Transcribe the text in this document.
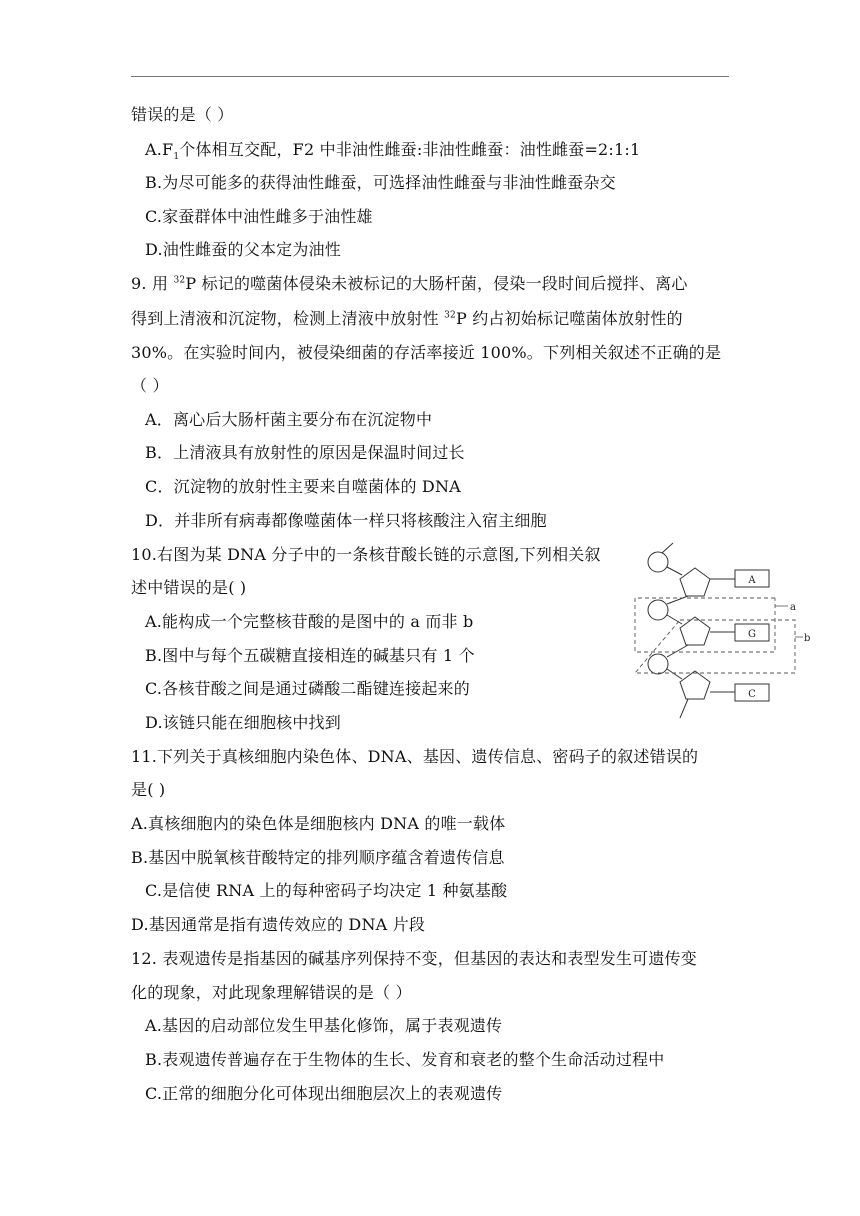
错误的是（ ）
$A.F_1$个体相互交配，F2 中非油性雌蚕:非油性雌蚕：油性雌蚕=2:1:1
B.为尽可能多的获得油性雌蚕，可选择油性雌蚕与非油性雌蚕杂交
C.家蚕群体中油性雌多于油性雄
D.油性雌蚕的父本定为油性
9. 用 $^{32}$P 标记的噬菌体侵染未被标记的大肠杆菌，侵染一段时间后搅拌、离心
得到上清液和沉淀物，检测上清液中放射性 $^{32}$P 约占初始标记噬菌体放射性的
30%。在实验时间内，被侵染细菌的存活率接近 100%。下列相关叙述不正确的是
（ ）
A．离心后大肠杆菌主要分布在沉淀物中
B．上清液具有放射性的原因是保温时间过长
C．沉淀物的放射性主要来自噬菌体的 DNA
D．并非所有病毒都像噬菌体一样只将核酸注入宿主细胞
10.右图为某 DNA 分子中的一条核苷酸长链的示意图,下列相关叙
述中错误的是( )
A.能构成一个完整核苷酸的是图中的 a 而非 b
B.图中与每个五碳糖直接相连的碱基只有 1 个
C.各核苷酸之间是通过磷酸二酯键连接起来的
D.该链只能在细胞核中找到
A
G
C
a
b
11.下列关于真核细胞内染色体、DNA、基因、遗传信息、密码子的叙述错误的
是( )
A.真核细胞内的染色体是细胞核内 DNA 的唯一载体
B.基因中脱氧核苷酸特定的排列顺序蕴含着遗传信息
C.是信使 RNA 上的每种密码子均决定 1 种氨基酸
D.基因通常是指有遗传效应的 DNA 片段
12. 表观遗传是指基因的碱基序列保持不变，但基因的表达和表型发生可遗传变
化的现象，对此现象理解错误的是（ ）
A.基因的启动部位发生甲基化修饰，属于表观遗传
B.表观遗传普遍存在于生物体的生长、发育和衰老的整个生命活动过程中
C.正常的细胞分化可体现出细胞层次上的表观遗传
